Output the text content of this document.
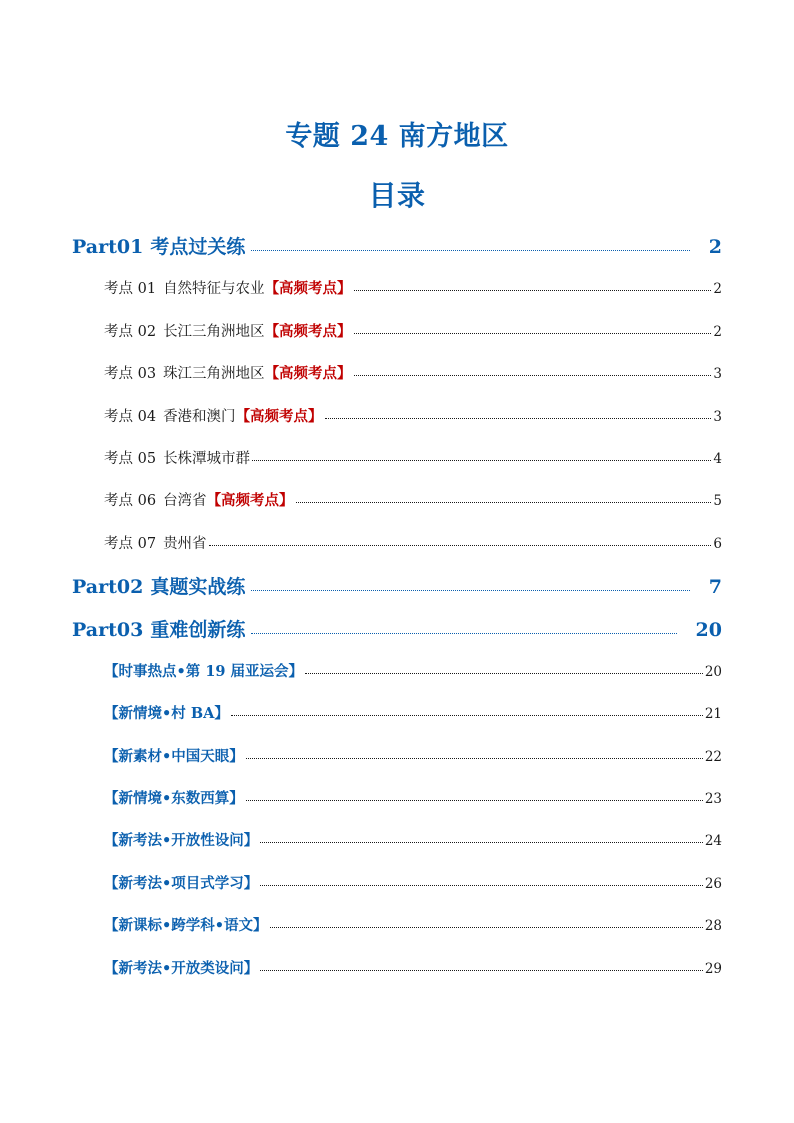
专题 24 南方地区
目录
Part01 考点过关练	2
考点 01 自然特征与农业【高频考点】	2
考点 02 长江三角洲地区【高频考点】	2
考点 03 珠江三角洲地区【高频考点】	3
考点 04 香港和澳门【高频考点】	3
考点 05 长株潭城市群	4
考点 06 台湾省【高频考点】	5
考点 07 贵州省	6
Part02 真题实战练	7
Part03 重难创新练	20
【时事热点•第 19 届亚运会】	20
【新情境•村 BA】	21
【新素材•中国天眼】	22
【新情境•东数西算】	23
【新考法•开放性设问】	24
【新考法•项目式学习】	26
【新课标•跨学科•语文】	28
【新考法•开放类设问】	29
